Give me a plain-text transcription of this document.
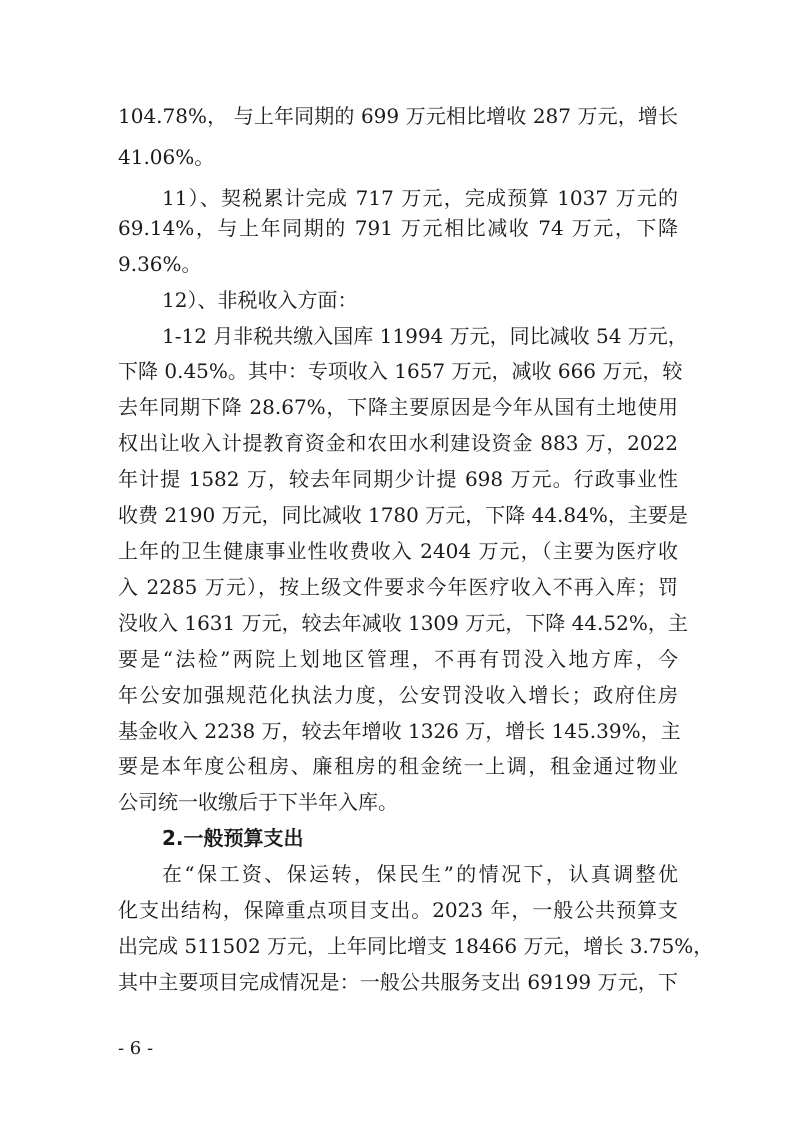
104.78%， 与上年同期的 699 万元相比增收 287 万元，增长
41.06%。
11）、契税累计完成 717 万元，完成预算 1037 万元的
69.14%，与上年同期的 791 万元相比减收 74 万元，下降
9.36%。
12）、非税收入方面：
1-12 月非税共缴入国库 11994 万元，同比减收 54 万元，
下降 0.45%。其中：专项收入 1657 万元，减收 666 万元，较
去年同期下降 28.67%，下降主要原因是今年从国有土地使用
权出让收入计提教育资金和农田水利建设资金 883 万，2022
年计提 1582 万，较去年同期少计提 698 万元。行政事业性
收费 2190 万元，同比减收 1780 万元，下降 44.84%，主要是
上年的卫生健康事业性收费收入 2404 万元，（主要为医疗收
入 2285 万元），按上级文件要求今年医疗收入不再入库；罚
没收入 1631 万元，较去年减收 1309 万元，下降 44.52%，主
要是“法检”两院上划地区管理，不再有罚没入地方库，今
年公安加强规范化执法力度，公安罚没收入增长；政府住房
基金收入 2238 万，较去年增收 1326 万，增长 145.39%，主
要是本年度公租房、廉租房的租金统一上调，租金通过物业
公司统一收缴后于下半年入库。
2.一般预算支出
在“保工资、保运转，保民生”的情况下，认真调整优
化支出结构，保障重点项目支出。2023 年，一般公共预算支
出完成 511502 万元，上年同比增支 18466 万元，增长 3.75%，
其中主要项目完成情况是：一般公共服务支出 69199 万元，下
- 6 -
